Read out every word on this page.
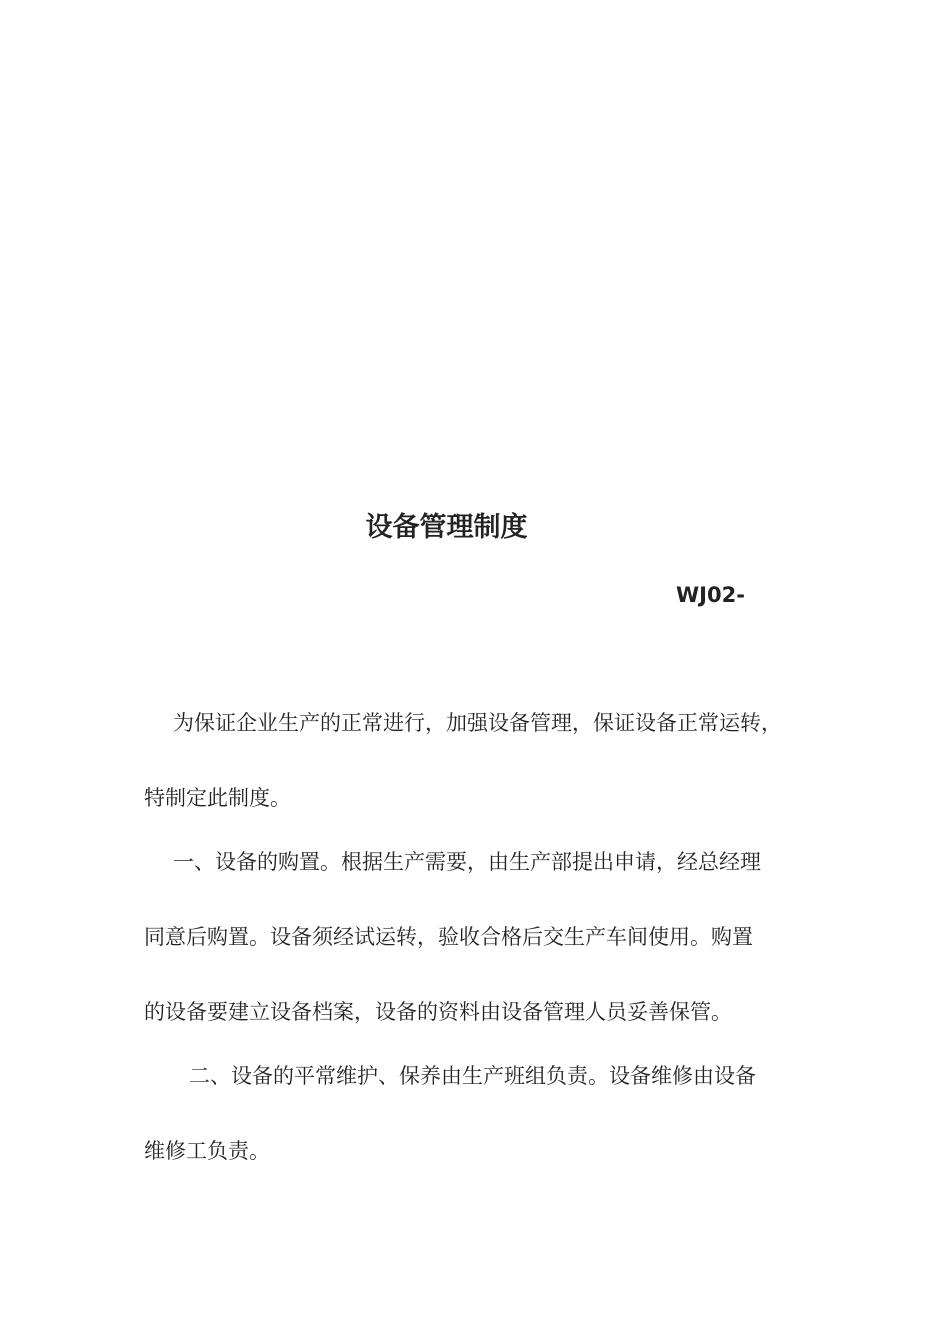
设备管理制度
WJ02-
为保证企业生产的正常进行，加强设备管理，保证设备正常运转，
特制定此制度。
一、设备的购置。根据生产需要，由生产部提出申请，经总经理
同意后购置。设备须经试运转，验收合格后交生产车间使用。购置
的设备要建立设备档案，设备的资料由设备管理人员妥善保管。
二、设备的平常维护、保养由生产班组负责。设备维修由设备
维修工负责。
